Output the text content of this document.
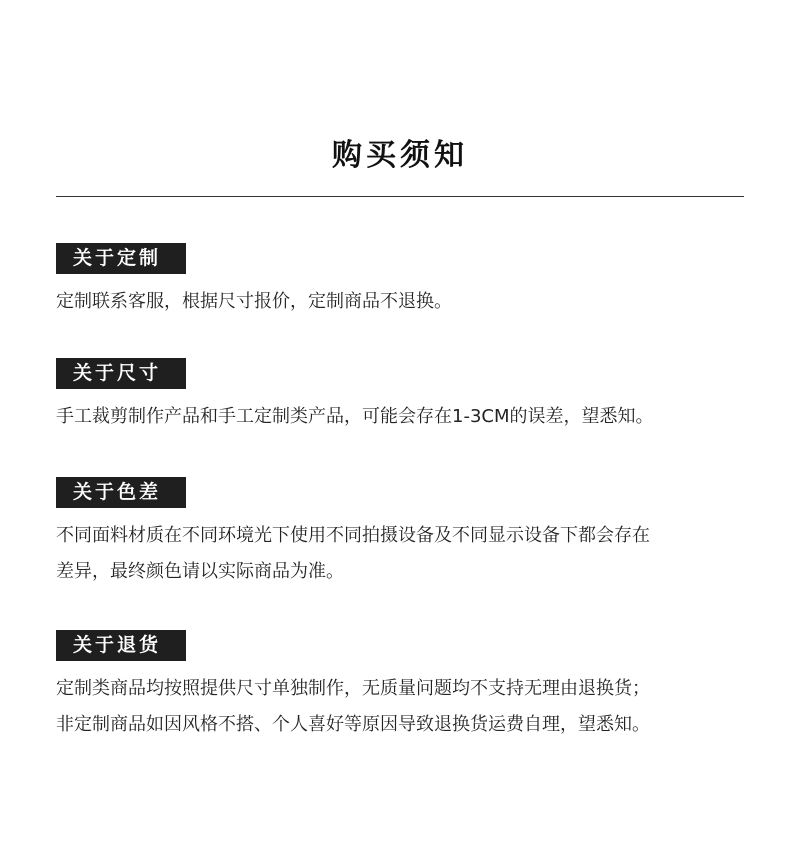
购买须知
关于定制
定制联系客服，根据尺寸报价，定制商品不退换。
关于尺寸
手工裁剪制作产品和手工定制类产品，可能会存在1-3CM的误差，望悉知。
关于色差
不同面料材质在不同环境光下使用不同拍摄设备及不同显示设备下都会存在
差异，最终颜色请以实际商品为准。
关于退货
定制类商品均按照提供尺寸单独制作，无质量问题均不支持无理由退换货；
非定制商品如因风格不搭、个人喜好等原因导致退换货运费自理，望悉知。
